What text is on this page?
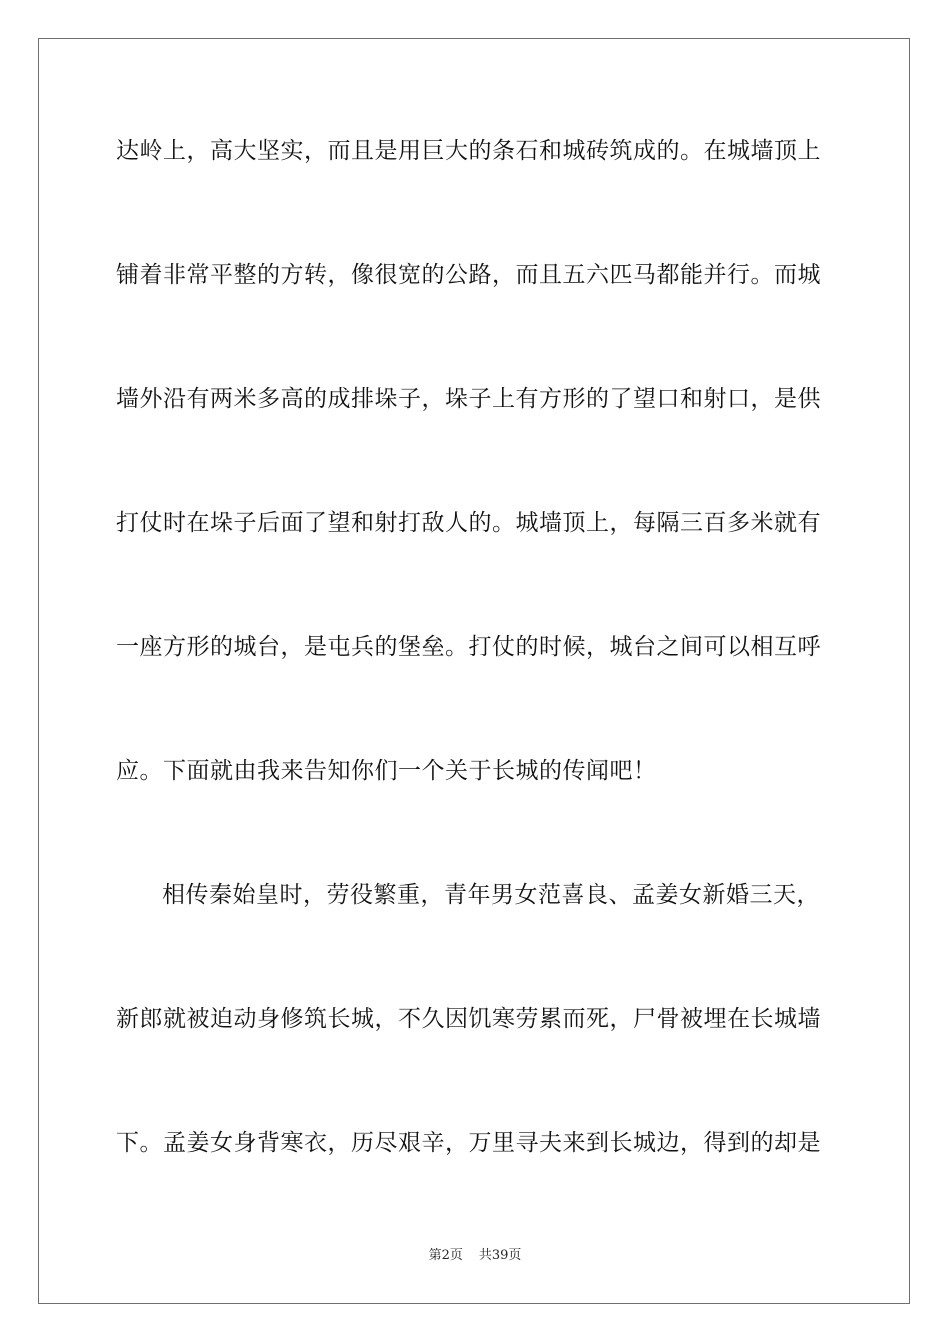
达岭上，高大坚实，而且是用巨大的条石和城砖筑成的。在城墙顶上
铺着非常平整的方转，像很宽的公路，而且五六匹马都能并行。而城
墙外沿有两米多高的成排垛子，垛子上有方形的了望口和射口，是供
打仗时在垛子后面了望和射打敌人的。城墙顶上，每隔三百多米就有
一座方形的城台，是屯兵的堡垒。打仗的时候，城台之间可以相互呼
应。下面就由我来告知你们一个关于长城的传闻吧！
相传秦始皇时，劳役繁重，青年男女范喜良、孟姜女新婚三天，
新郎就被迫动身修筑长城，不久因饥寒劳累而死，尸骨被埋在长城墙
下。孟姜女身背寒衣，历尽艰辛，万里寻夫来到长城边，得到的却是
第2页 共39页
